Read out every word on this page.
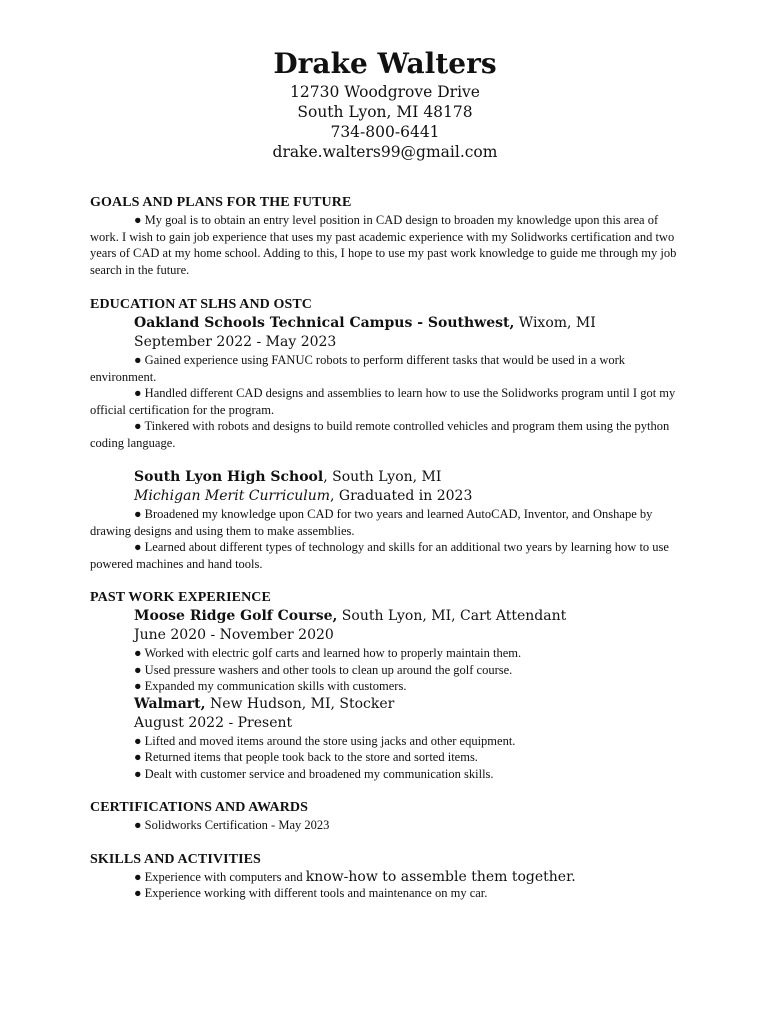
Drake Walters
12730 Woodgrove Drive
South Lyon, MI 48178
734-800-6441
drake.walters99@gmail.com
GOALS AND PLANS FOR THE FUTURE
● My goal is to obtain an entry level position in CAD design to broaden my knowledge upon this area of work. I wish to gain job experience that uses my past academic experience with my Solidworks certification and two years of CAD at my home school. Adding to this, I hope to use my past work knowledge to guide me through my job search in the future.
EDUCATION AT SLHS AND OSTC
Oakland Schools Technical Campus - Southwest, Wixom, MI
September 2022 - May 2023
● Gained experience using FANUC robots to perform different tasks that would be used in a work environment.
● Handled different CAD designs and assemblies to learn how to use the Solidworks program until I got my official certification for the program.
● Tinkered with robots and designs to build remote controlled vehicles and program them using the python coding language.
South Lyon High School, South Lyon, MI
Michigan Merit Curriculum, Graduated in 2023
● Broadened my knowledge upon CAD for two years and learned AutoCAD, Inventor, and Onshape by drawing designs and using them to make assemblies.
● Learned about different types of technology and skills for an additional two years by learning how to use powered machines and hand tools.
PAST WORK EXPERIENCE
Moose Ridge Golf Course, South Lyon, MI, Cart Attendant
June 2020 - November 2020
● Worked with electric golf carts and learned how to properly maintain them.
● Used pressure washers and other tools to clean up around the golf course.
● Expanded my communication skills with customers.
Walmart, New Hudson, MI, Stocker
August 2022 - Present
● Lifted and moved items around the store using jacks and other equipment.
● Returned items that people took back to the store and sorted items.
● Dealt with customer service and broadened my communication skills.
CERTIFICATIONS AND AWARDS
● Solidworks Certification - May 2023
SKILLS AND ACTIVITIES
● Experience with computers and know-how to assemble them together.
● Experience working with different tools and maintenance on my car.
